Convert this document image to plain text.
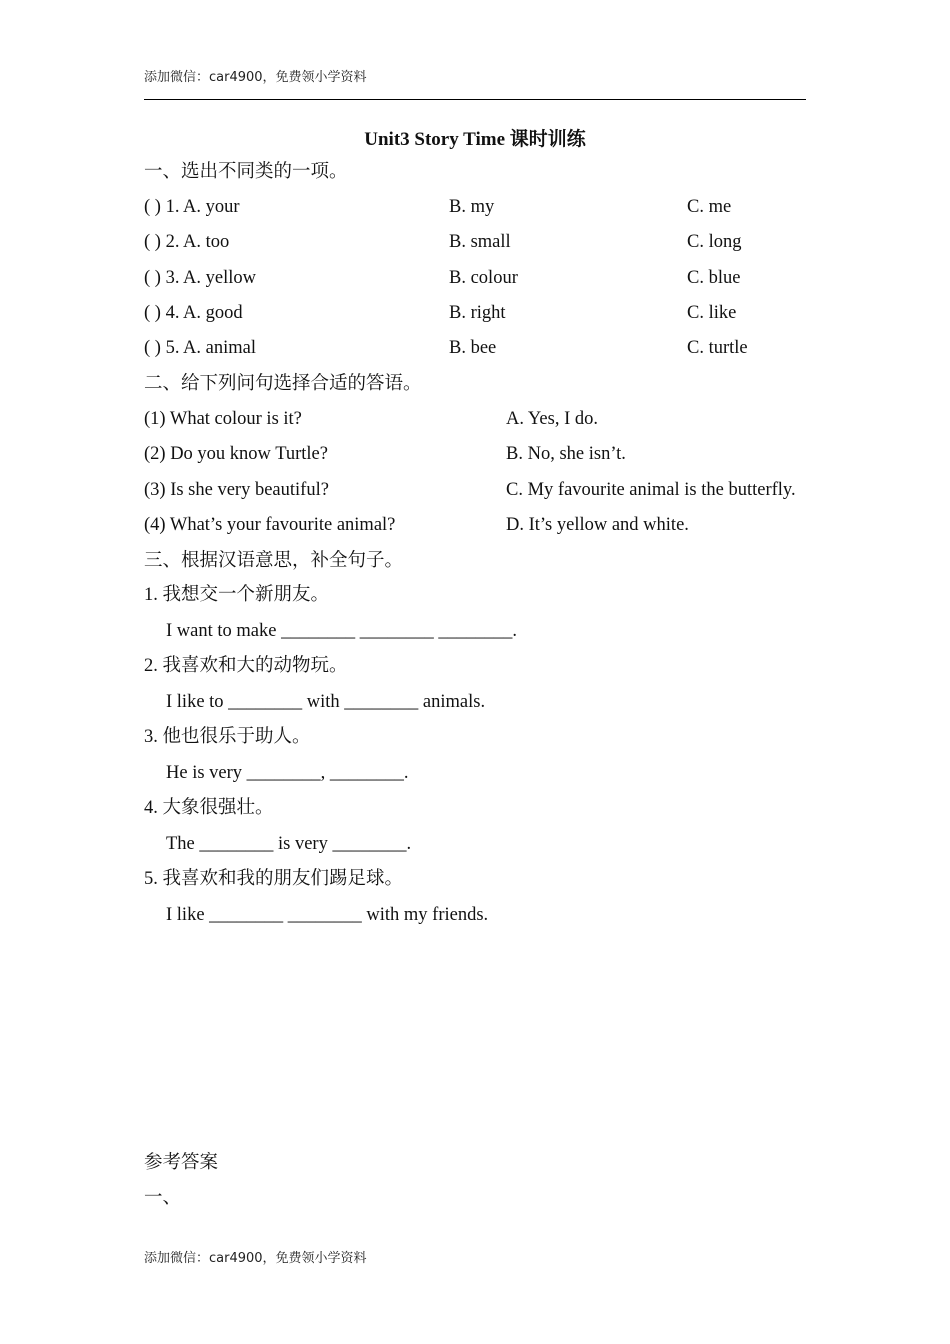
添加微信：car4900，免费领小学资料
Unit3 Story Time 课时训练
一、选出不同类的一项。
( ) 1. A. your	B. my	C. me
( ) 2. A. too	B. small	C. long
( ) 3. A. yellow	B. colour	C. blue
( ) 4. A. good	B. right	C. like
( ) 5. A. animal	B. bee	C. turtle
二、给下列问句选择合适的答语。
(1) What colour is it?	A. Yes, I do.
(2) Do you know Turtle?	B. No, she isn’t.
(3) Is she very beautiful?	C. My favourite animal is the butterfly.
(4) What’s your favourite animal?	D. It’s yellow and white.
三、根据汉语意思，补全句子。
1. 我想交一个新朋友。
I want to make ________ ________ ________.
2. 我喜欢和大的动物玩。
I like to ________ with ________ animals.
3. 他也很乐于助人。
He is very ________, ________.
4. 大象很强壮。
The ________ is very ________.
5. 我喜欢和我的朋友们踢足球。
I like ________ ________ with my friends.
参考答案
一、
添加微信：car4900，免费领小学资料
